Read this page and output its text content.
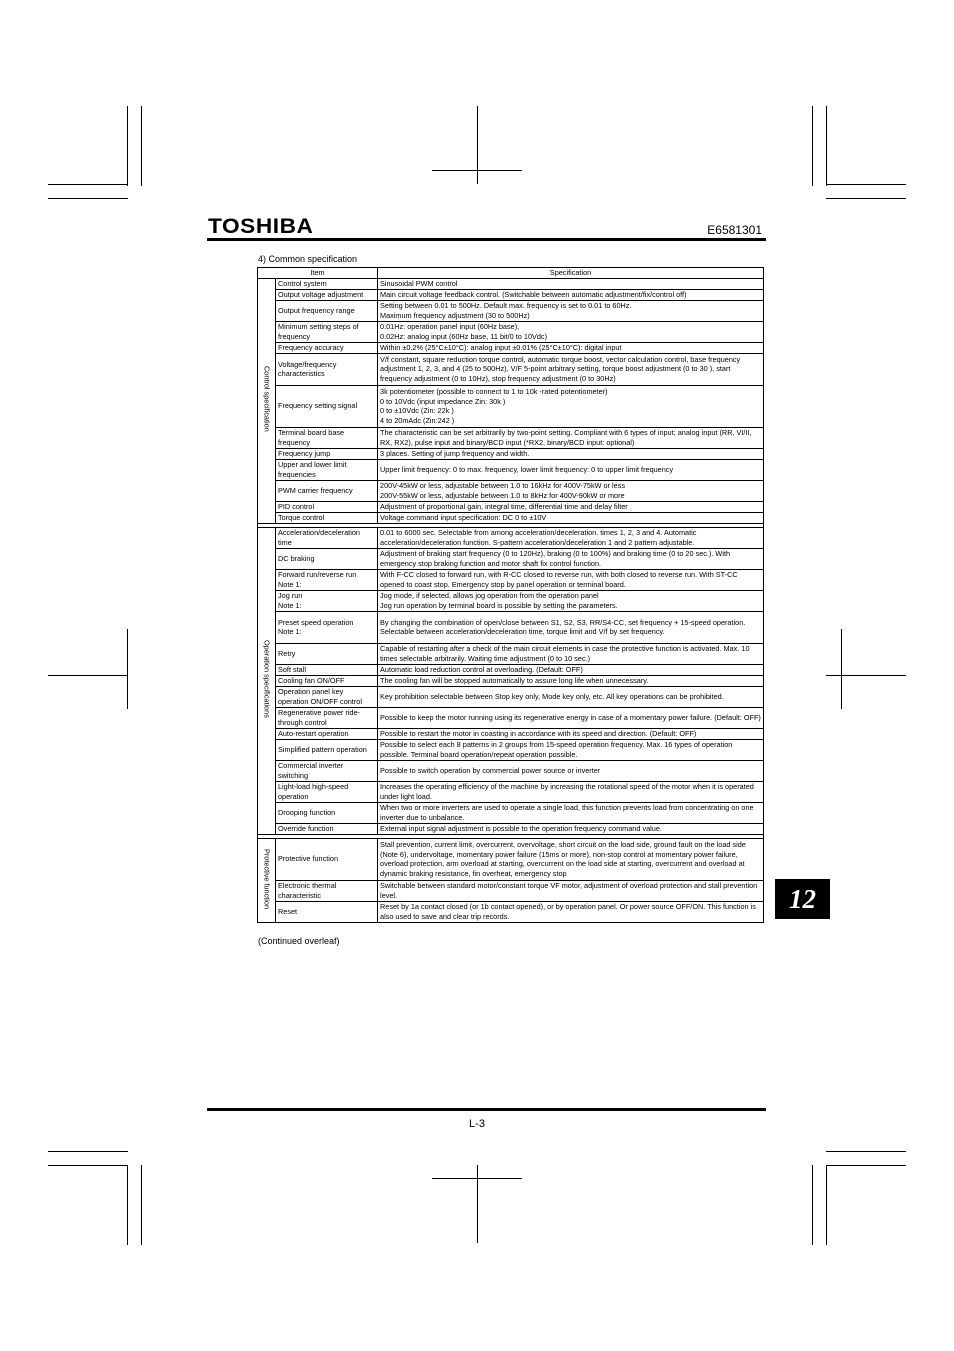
TOSHIBA	E6581301
4) Common specification
Item		Specification
Control specification	Control system	Sinusoidal PWM control
	Output voltage adjustment	Main circuit voltage feedback control. (Switchable between automatic adjustment/fix/control off)
	Output frequency range	Setting between 0.01 to 500Hz. Default max. frequency is set to 0.01 to 60Hz.
Maximum frequency adjustment (30 to 500Hz)
	Minimum setting steps of frequency	0.01Hz: operation panel input (60Hz base),
0.02Hz: analog input (60Hz base, 11 bit/0 to 10Vdc)
	Frequency accuracy	Within ±0.2% (25°C±10°C): analog input ±0.01% (25°C±10°C): digital input
	Voltage/frequency characteristics	V/f constant, square reduction torque control, automatic torque boost, vector calculation control, base frequency adjustment 1, 2, 3, and 4 (25 to 500Hz), V/F 5-point arbitrary setting, torque boost adjustment (0 to 30 ), start frequency adjustment (0 to 10Hz), stop frequency adjustment (0 to 30Hz)
	Frequency setting signal	3k potentiometer (possible to connect to 1 to 10k -rated potentiometer)
0 to 10Vdc (input impedance Zin: 30k )
0 to ±10Vdc (Zin: 22k )
4 to 20mAdc (Zin:242 )
	Terminal board base frequency	The characteristic can be set arbitrarily by two-point setting. Compliant with 6 types of input; analog input (RR, VI/II, RX, RX2), pulse input and binary/BCD input (*RX2, binary/BCD input: optional)
	Frequency jump	3 places. Setting of jump frequency and width.
	Upper and lower limit frequencies	Upper limit frequency: 0 to max. frequency, lower limit frequency: 0 to upper limit frequency
	PWM carrier frequency	200V-45kW or less, adjustable between 1.0 to 16kHz for 400V-75kW or less
200V-55kW or less, adjustable between 1.0 to 8kHz for 400V-90kW or more
	PID control	Adjustment of proportional gain, integral time, differential time and delay filter
	Torque control	Voltage command input specification: DC 0 to ±10V

Operation specifications	Acceleration/deceleration time	0.01 to 6000 sec. Selectable from among acceleration/deceleration. times 1, 2, 3 and 4. Automatic acceleration/deceleration function. S-pattern acceleration/deceleration 1 and 2 pattern adjustable.
	DC braking	Adjustment of braking start frequency (0 to 120Hz), braking (0 to 100%) and braking time (0 to 20 sec.). With emergency stop braking function and motor shaft fix control function.
	Forward run/reverse run
Note 1:	With F-CC closed to forward run, with R-CC closed to reverse run, with both closed to reverse run. With ST-CC opened to coast stop. Emergency stop by panel operation or terminal board.
	Jog run
Note 1:	Jog mode, if selected, allows jog operation from the operation panel
Jog run operation by terminal board is possible by setting the parameters.
	Preset speed operation
Note 1:	By changing the combination of open/close between S1, S2, S3, RR/S4-CC, set frequency + 15-speed operation.
Selectable between acceleration/deceleration time, torque limit and V/f by set frequency.
	Retry	Capable of restarting after a check of the main circuit elements in case the protective function is activated. Max. 10 times selectable arbitrarily. Waiting time adjustment (0 to 10 sec.)
	Soft stall	Automatic load reduction control at overloading. (Default: OFF)
	Cooling fan ON/OFF	The cooling fan will be stopped automatically to assure long life when unnecessary.
	Operation panel key operation ON/OFF control	Key prohibition selectable between Stop key only, Mode key only, etc. All key operations can be prohibited.
	Regenerative power ride-through control	Possible to keep the motor running using its regenerative energy in case of a momentary power failure. (Default: OFF)
	Auto-restart operation	Possible to restart the motor in coasting in accordance with its speed and direction. (Default: OFF)
	Simplified pattern operation	Possible to select each 8 patterns in 2 groups from 15-speed operation frequency. Max. 16 types of operation possible. Terminal board operation/repeat operation possible.
	Commercial inverter switching	Possible to switch operation by commercial power source or inverter
	Light-load high-speed operation	Increases the operating efficiency of the machine by increasing the rotational speed of the motor when it is operated under light load.
	Drooping function	When two or more inverters are used to operate a single load, this function prevents load from concentrating on one inverter due to unbalance.
	Override function	External input signal adjustment is possible to the operation frequency command value.

Protective function	Protective function	Stall prevention, current limit, overcurrent, overvoltage, short circuit on the load side, ground fault on the load side (Note 6), undervoltage, momentary power failure (15ms or more), non-stop control at momentary power failure, overload protection, arm overload at starting, overcurrent on the load side at starting, overcurrent and overload at dynamic braking resistance, fin overheat, emergency stop
	Electronic thermal characteristic	Switchable between standard motor/constant torque VF motor, adjustment of overload protection and stall prevention level.
	Reset	Reset by 1a contact closed (or 1b contact opened), or by operation panel. Or power source OFF/ON. This function is also used to save and clear trip records.
(Continued overleaf)
L-3
12
